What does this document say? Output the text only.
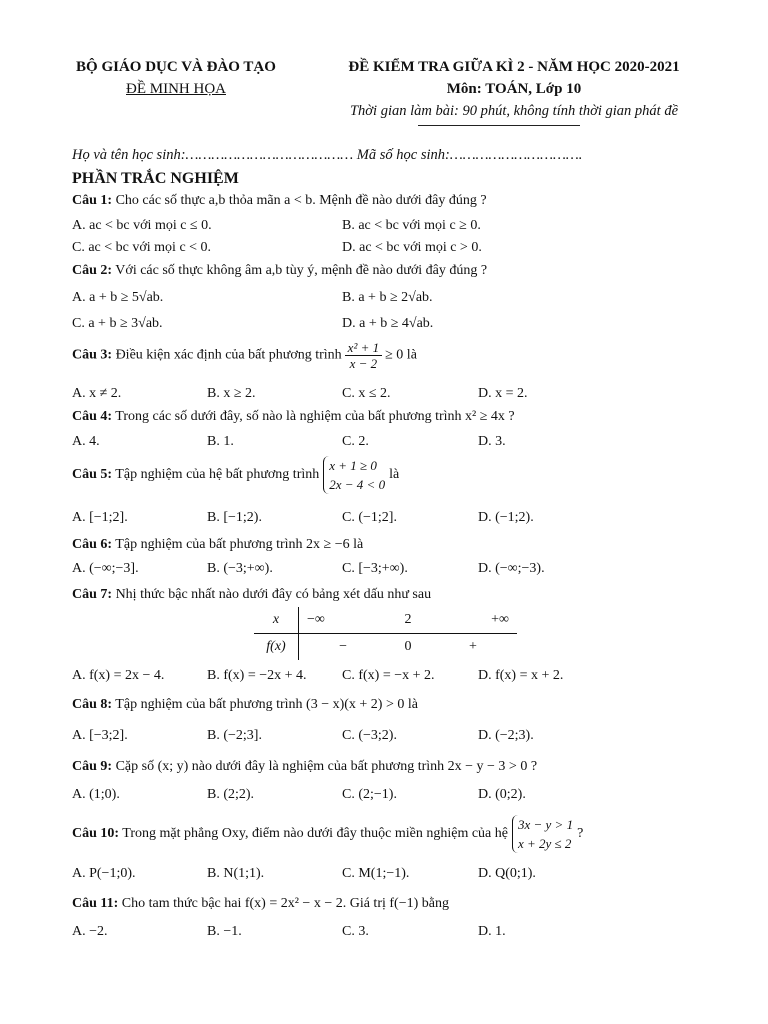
BỘ GIÁO DỤC VÀ ĐÀO TẠO
ĐỀ MINH HỌA
ĐỀ KIỂM TRA GIỮA KÌ 2 - NĂM HỌC 2020-2021
Môn: TOÁN, Lớp 10
Thời gian làm bài: 90 phút, không tính thời gian phát đề
Họ và tên học sinh:………………………………… Mã số học sinh:………………………….
PHẦN TRẮC NGHIỆM
Câu 1: Cho các số thực a,b thỏa mãn a < b. Mệnh đề nào dưới đây đúng ?
A. ac < bc với mọi c ≤ 0.	B. ac < bc với mọi c ≥ 0.
C. ac < bc với mọi c < 0.	D. ac < bc với mọi c > 0.
Câu 2: Với các số thực không âm a,b tùy ý, mệnh đề nào dưới đây đúng ?
A. a + b ≥ 5√ab.	B. a + b ≥ 2√ab.
C. a + b ≥ 3√ab.	D. a + b ≥ 4√ab.
Câu 3: Điều kiện xác định của bất phương trình $\frac{\text{x² + 1}}{x - 2} \ge 0$ là
A. x ≠ 2.	B. x ≥ 2.	C. x ≤ 2.	D. x = 2.
Câu 4: Trong các số dưới đây, số nào là nghiệm của bất phương trình x² ≥ 4x ?
A. 4.	B. 1.	C. 2.	D. 3.
Câu 5: Tập nghiệm của hệ bất phương trình
x + 1 ≥ 0
2x − 4 < 0
là
A. [−1;2].	B. [−1;2).	C. (−1;2].	D. (−1;2).
Câu 6: Tập nghiệm của bất phương trình 2x ≥ −6 là
A. (−∞;−3].	B. (−3;+∞).	C. [−3;+∞).	D. (−∞;−3).
Câu 7: Nhị thức bậc nhất nào dưới đây có bảng xét dấu như sau
x	−∞	2	+∞
f(x)	−	0	+
A. f(x) = 2x − 4.	B. f(x) = −2x + 4.	C. f(x) = −x + 2.	D. f(x) = x + 2.
Câu 8: Tập nghiệm của bất phương trình (3 − x)(x + 2) > 0 là
A. [−3;2].	B. (−2;3].	C. (−3;2).	D. (−2;3).
Câu 9: Cặp số (x; y) nào dưới đây là nghiệm của bất phương trình 2x − y − 3 > 0 ?
A. (1;0).	B. (2;2).	C. (2;−1).	D. (0;2).
Câu 10: Trong mặt phẳng Oxy, điểm nào dưới đây thuộc miền nghiệm của hệ
3x − y > 1
x + 2y ≤ 2
?
A. P(−1;0).	B. N(1;1).	C. M(1;−1).	D. Q(0;1).
Câu 11: Cho tam thức bậc hai f(x) = 2x² − x − 2. Giá trị f(−1) bằng
A. −2.	B. −1.	C. 3.	D. 1.
